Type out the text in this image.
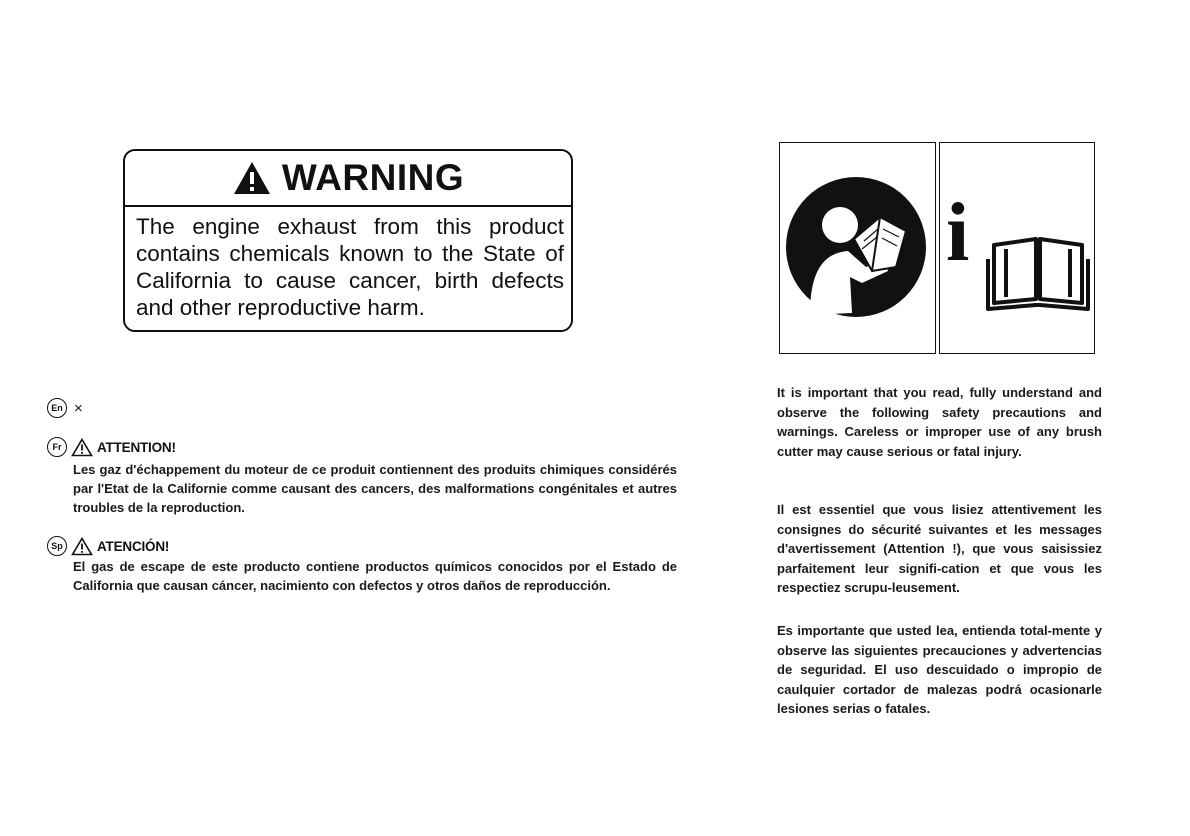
WARNING
The engine exhaust from this product contains chemicals known to the State of California to cause cancer, birth defects and other reproductive harm.
En ×
Fr	ATTENTION!
Les gaz d'échappement du moteur de ce produit contiennent des produits chimiques considérés par l'Etat de la Californie comme causant des cancers, des malformations congénitales et autres troubles de la reproduction.
Sp	ATENCIÓN!
El gas de escape de este producto contiene productos químicos conocidos por el Estado de California que causan cáncer, nacimiento con defectos y otros daños de reproducción.
i
It is important that you read, fully understand and observe the following safety precautions and warnings. Careless or improper use of any brush cutter may cause serious or fatal injury.
Il est essentiel que vous lisiez attentivement les consignes do sécurité suivantes et les messages d'avertissement (Attention !), que vous saisissiez parfaitement leur signifi-cation et que vous les respectiez scrupu-leusement.
Es importante que usted lea, entienda total-mente y observe las siguientes precauciones y advertencias de seguridad. El uso descuidado o impropio de caulquier cortador de malezas podrá ocasionarle lesiones serias o fatales.
